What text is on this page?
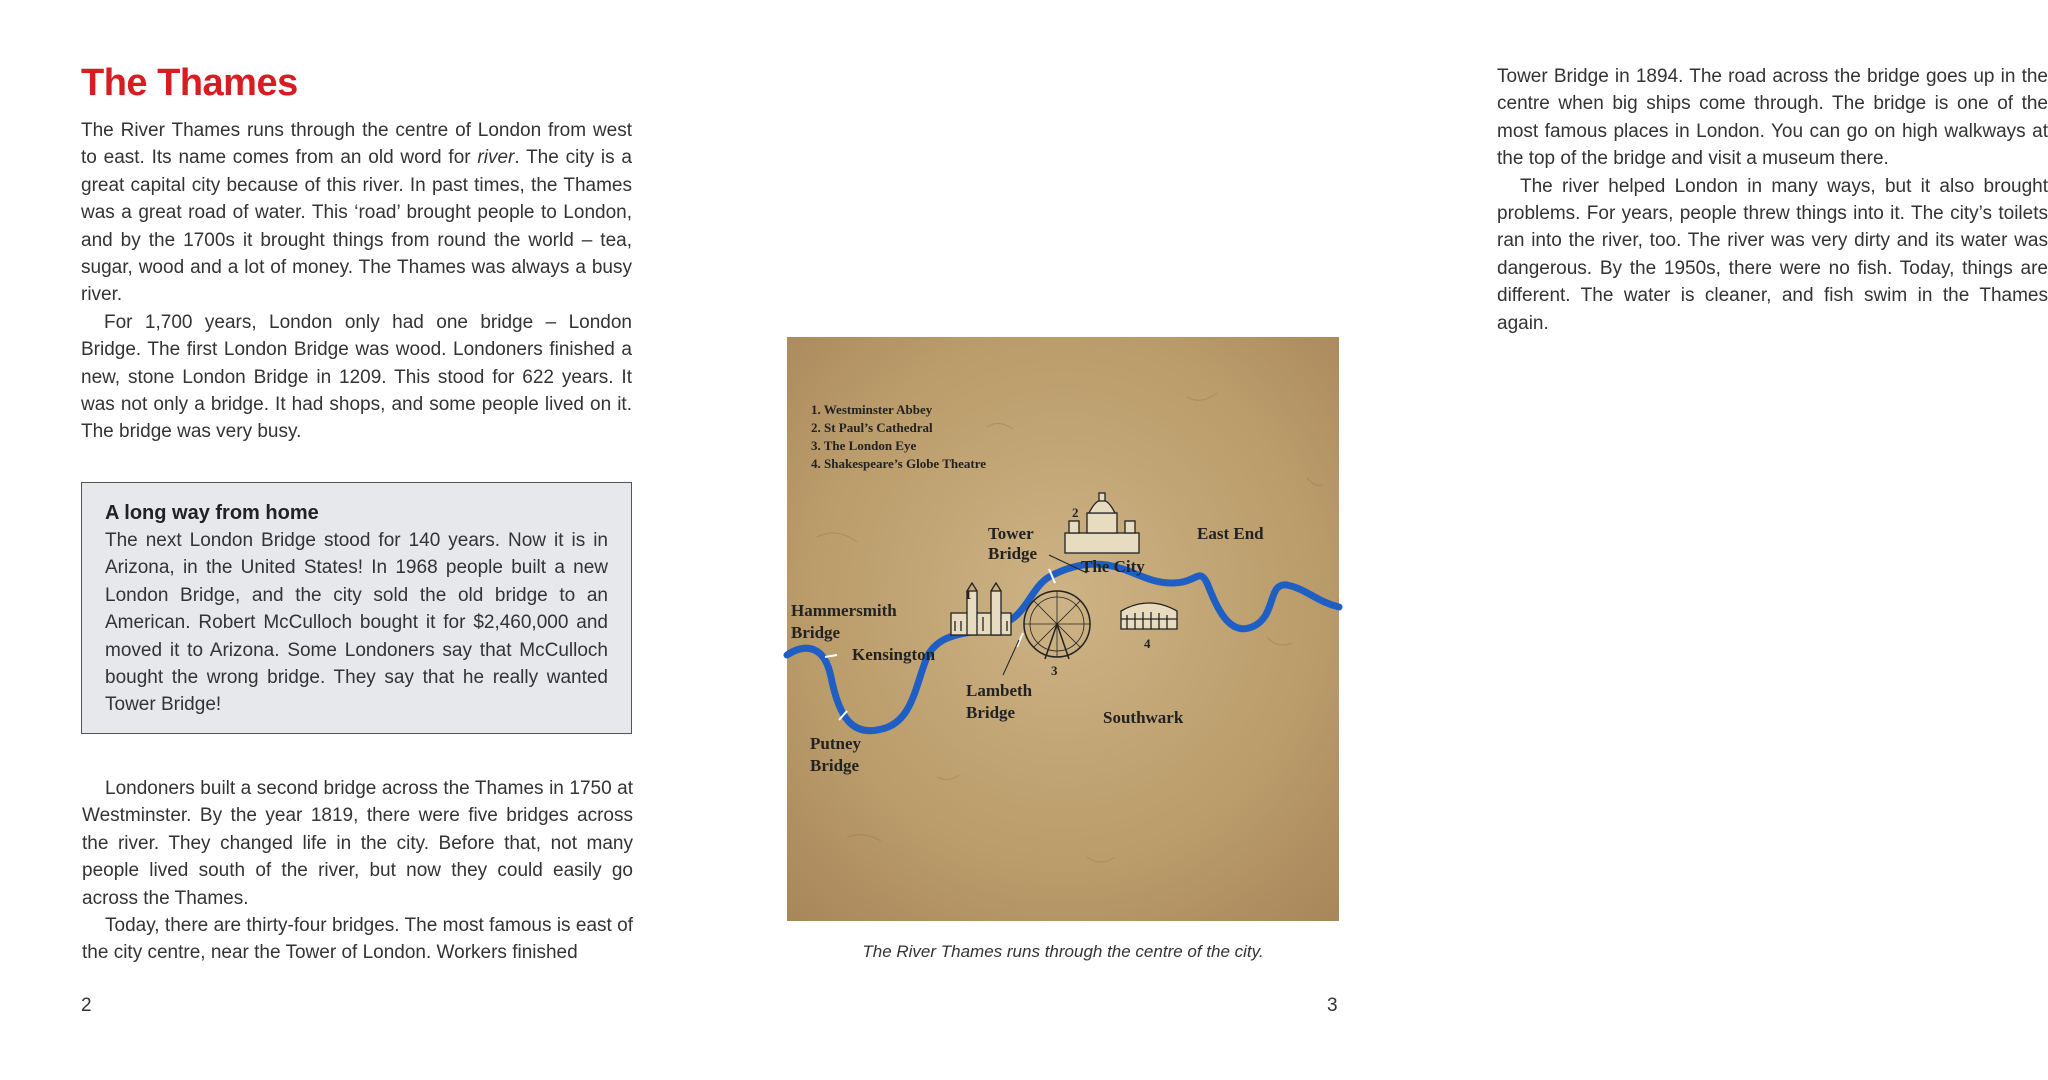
The Thames

The River Thames runs through the centre of London from west to east. Its name comes from an old word for river. The city is a great capital city because of this river. In past times, the Thames was a great road of water. This ‘road’ brought people to London, and by the 1700s it brought things from round the world – tea, sugar, wood and a lot of money. The Thames was always a busy river.

For 1,700 years, London only had one bridge – London Bridge. The first London Bridge was wood. Londoners finished a new, stone London Bridge in 1209. This stood for 622 years. It was not only a bridge. It had shops, and some people lived on it. The bridge was very busy.

A long way from home

The next London Bridge stood for 140 years. Now it is in Arizona, in the United States! In 1968 people built a new London Bridge, and the city sold the old bridge to an American. Robert McCulloch bought it for $2,460,000 and moved it to Arizona. Some Londoners say that McCulloch bought the wrong bridge. They say that he really wanted Tower Bridge!

Londoners built a second bridge across the Thames in 1750 at Westminster. By the year 1819, there were five bridges across the river. They changed life in the city. Before that, not many people lived south of the river, but now they could easily go across the Thames.

Today, there are thirty-four bridges. The most famous is east of the city centre, near the Tower of London. Workers finished

2

Tower Bridge in 1894. The road across the bridge goes up in the centre when big ships come through. The bridge is one of the most famous places in London. You can go on high walkways at the top of the bridge and visit a museum there.

The river helped London in many ways, but it also brought problems. For years, people threw things into it. The city’s toilets ran into the river, too. The river was very dirty and its water was dangerous. By the 1950s, there were no fish. Today, things are different. The water is cleaner, and fish swim in the Thames again.

1. Westminster Abbey
2. St Paul’s Cathedral
3. The London Eye
4. Shakespeare’s Globe Theatre
Tower
Bridge
East End
The City
Hammersmith
Bridge
Kensington
Lambeth
Bridge	Southwark
Putney
Bridge
1
2
3
4
The River Thames runs through the centre of the city.
3
